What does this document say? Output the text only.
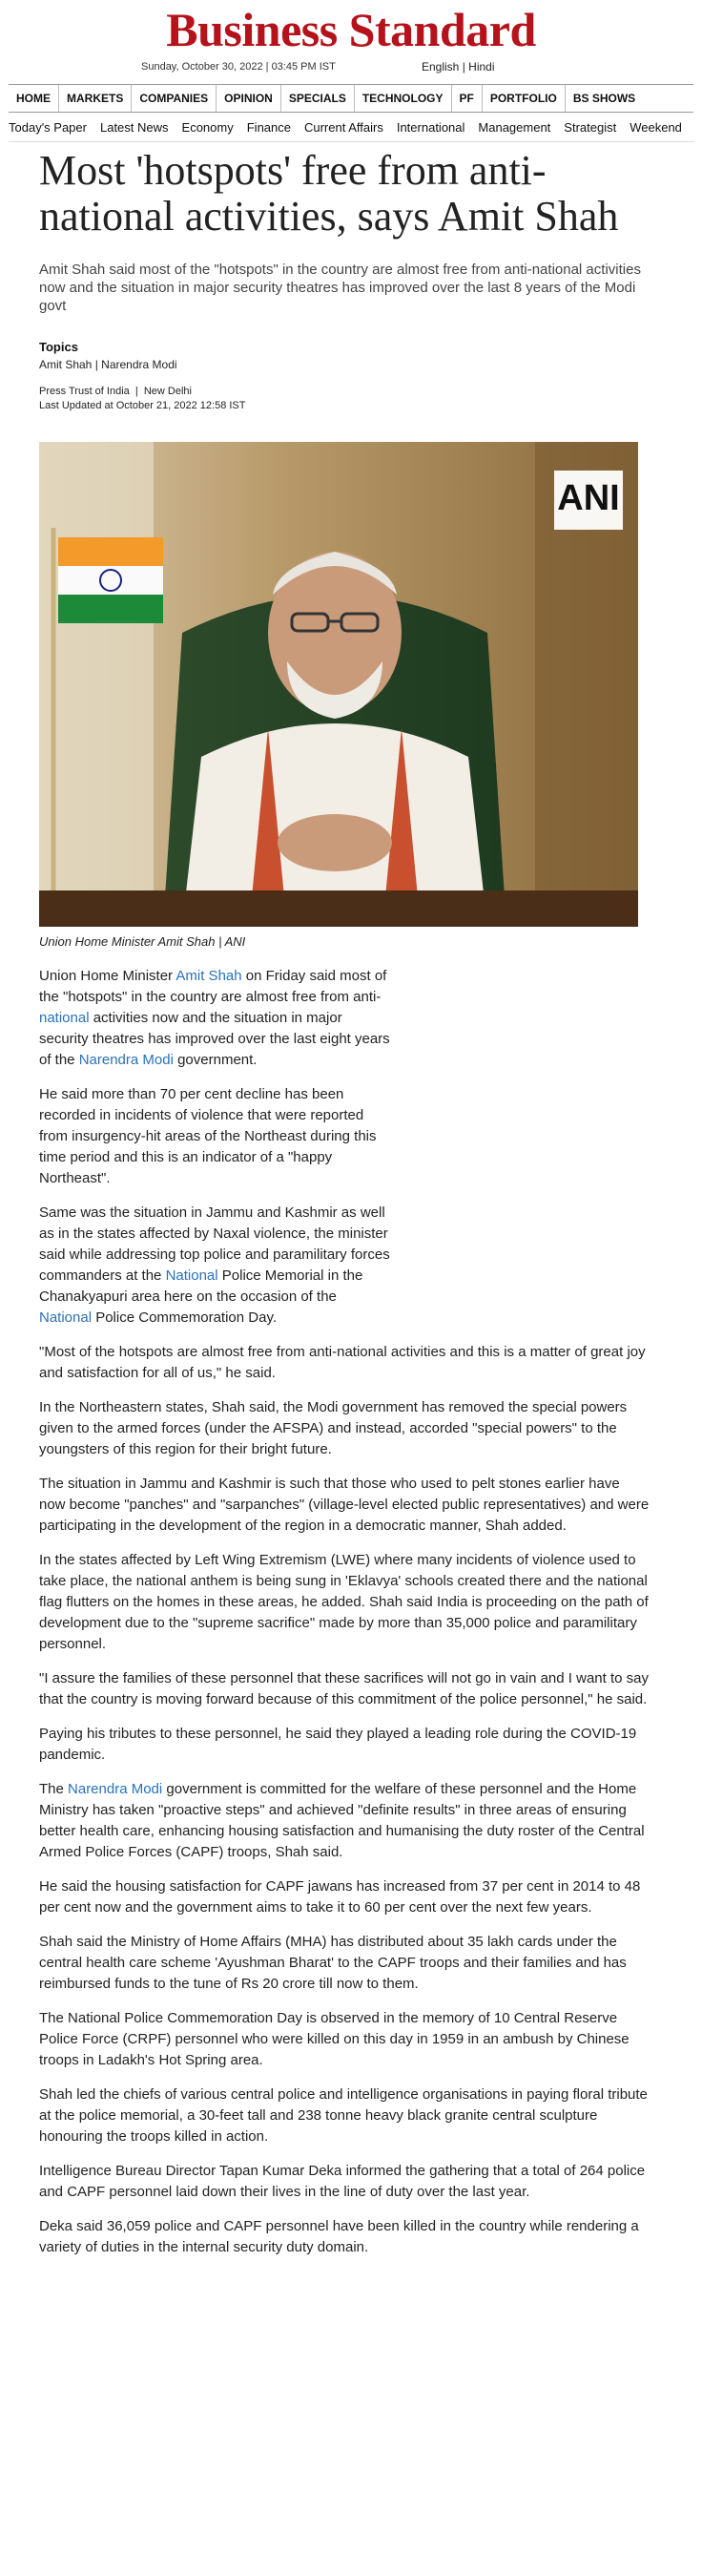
Business Standard
Sunday, October 30, 2022 | 03:45 PM IST	English | Hindi
HOME	MARKETS	COMPANIES	OPINION	SPECIALS	TECHNOLOGY	PF	PORTFOLIO	BS SHOWS
Today's Paper	Latest News	Economy	Finance	Current Affairs	International	Management	Strategist	Weekend
Most 'hotspots' free from anti-national activities, says Amit Shah
Amit Shah said most of the "hotspots" in the country are almost free from anti-national activities now and the situation in major security theatres has improved over the last 8 years of the Modi govt
Topics
Amit Shah | Narendra Modi
Press Trust of India  |  New Delhi
Last Updated at October 21, 2022 12:58 IST
ANI
Union Home Minister Amit Shah | ANI

Union Home Minister Amit Shah on Friday said most of the "hotspots" in the country are almost free from anti-national activities now and the situation in major security theatres has improved over the last eight years of the Narendra Modi government.

He said more than 70 per cent decline has been recorded in incidents of violence that were reported from insurgency-hit areas of the Northeast during this time period and this is an indicator of a "happy Northeast".

Same was the situation in Jammu and Kashmir as well as in the states affected by Naxal violence, the minister said while addressing top police and paramilitary forces commanders at the National Police Memorial in the Chanakyapuri area here on the occasion of the National Police Commemoration Day.

"Most of the hotspots are almost free from anti-national activities and this is a matter of great joy and satisfaction for all of us," he said.

In the Northeastern states, Shah said, the Modi government has removed the special powers given to the armed forces (under the AFSPA) and instead, accorded "special powers" to the youngsters of this region for their bright future.

The situation in Jammu and Kashmir is such that those who used to pelt stones earlier have now become "panches" and "sarpanches" (village-level elected public representatives) and were participating in the development of the region in a democratic manner, Shah added.

In the states affected by Left Wing Extremism (LWE) where many incidents of violence used to take place, the national anthem is being sung in 'Eklavya' schools created there and the national flag flutters on the homes in these areas, he added. Shah said India is proceeding on the path of development due to the "supreme sacrifice" made by more than 35,000 police and paramilitary personnel.

"I assure the families of these personnel that these sacrifices will not go in vain and I want to say that the country is moving forward because of this commitment of the police personnel," he said.

Paying his tributes to these personnel, he said they played a leading role during the COVID-19 pandemic.

The Narendra Modi government is committed for the welfare of these personnel and the Home Ministry has taken "proactive steps" and achieved "definite results" in three areas of ensuring better health care, enhancing housing satisfaction and humanising the duty roster of the Central Armed Police Forces (CAPF) troops, Shah said.

He said the housing satisfaction for CAPF jawans has increased from 37 per cent in 2014 to 48 per cent now and the government aims to take it to 60 per cent over the next few years.

Shah said the Ministry of Home Affairs (MHA) has distributed about 35 lakh cards under the central health care scheme 'Ayushman Bharat' to the CAPF troops and their families and has reimbursed funds to the tune of Rs 20 crore till now to them.

The National Police Commemoration Day is observed in the memory of 10 Central Reserve Police Force (CRPF) personnel who were killed on this day in 1959 in an ambush by Chinese troops in Ladakh's Hot Spring area.

Shah led the chiefs of various central police and intelligence organisations in paying floral tribute at the police memorial, a 30-feet tall and 238 tonne heavy black granite central sculpture honouring the troops killed in action.

Intelligence Bureau Director Tapan Kumar Deka informed the gathering that a total of 264 police and CAPF personnel laid down their lives in the line of duty over the last year.

Deka said 36,059 police and CAPF personnel have been killed in the country while rendering a variety of duties in the internal security duty domain.
